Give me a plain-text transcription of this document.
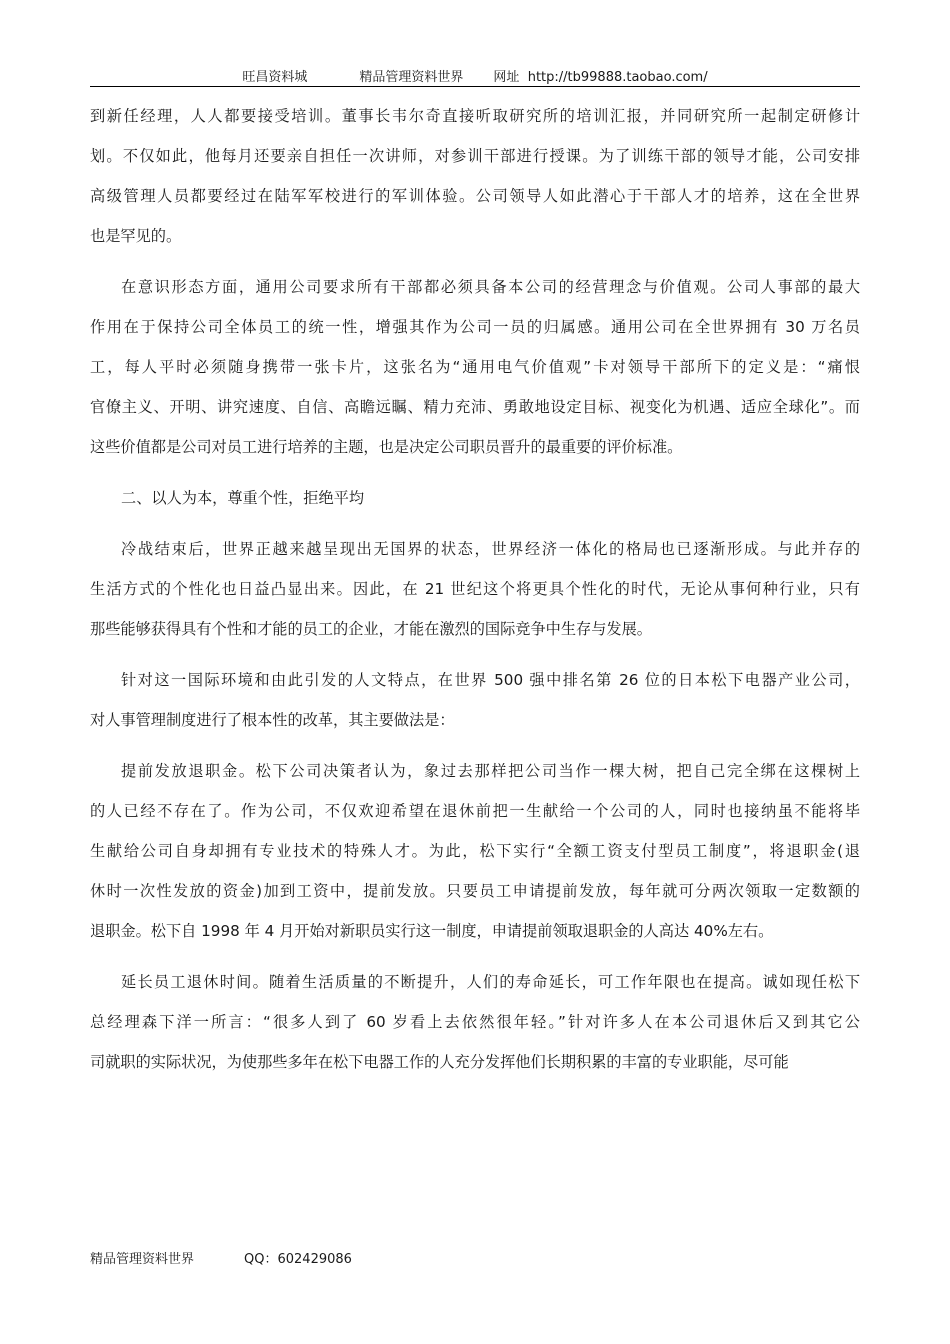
旺昌资料城	精品管理资料世界 网址 http://tb99888.taobao.com/
到新任经理，人人都要接受培训。董事长韦尔奇直接听取研究所的培训汇报，并同研究所一起制定研修计
划。不仅如此，他每月还要亲自担任一次讲师，对参训干部进行授课。为了训练干部的领导才能，公司安排
高级管理人员都要经过在陆军军校进行的军训体验。公司领导人如此潜心于干部人才的培养，这在全世界
也是罕见的。
在意识形态方面，通用公司要求所有干部都必须具备本公司的经营理念与价值观。公司人事部的最大
作用在于保持公司全体员工的统一性，增强其作为公司一员的归属感。通用公司在全世界拥有 30 万名员
工，每人平时必须随身携带一张卡片，这张名为“通用电气价值观”卡对领导干部所下的定义是：“痛恨
官僚主义、开明、讲究速度、自信、高瞻远瞩、精力充沛、勇敢地设定目标、视变化为机遇、适应全球化”。而
这些价值都是公司对员工进行培养的主题，也是决定公司职员晋升的最重要的评价标准。
二、以人为本，尊重个性，拒绝平均
冷战结束后，世界正越来越呈现出无国界的状态，世界经济一体化的格局也已逐渐形成。与此并存的
生活方式的个性化也日益凸显出来。因此，在 21 世纪这个将更具个性化的时代，无论从事何种行业，只有
那些能够获得具有个性和才能的员工的企业，才能在激烈的国际竞争中生存与发展。
针对这一国际环境和由此引发的人文特点，在世界 500 强中排名第 26 位的日本松下电器产业公司，
对人事管理制度进行了根本性的改革，其主要做法是：
提前发放退职金。松下公司决策者认为，象过去那样把公司当作一棵大树，把自己完全绑在这棵树上
的人已经不存在了。作为公司，不仅欢迎希望在退休前把一生献给一个公司的人，同时也接纳虽不能将毕
生献给公司自身却拥有专业技术的特殊人才。为此，松下实行“全额工资支付型员工制度”，将退职金(退
休时一次性发放的资金)加到工资中，提前发放。只要员工申请提前发放，每年就可分两次领取一定数额的
退职金。松下自 1998 年 4 月开始对新职员实行这一制度，申请提前领取退职金的人高达 40%左右。
延长员工退休时间。随着生活质量的不断提升，人们的寿命延长，可工作年限也在提高。诚如现任松下
总经理森下洋一所言：“很多人到了 60 岁看上去依然很年轻。”针对许多人在本公司退休后又到其它公
司就职的实际状况，为使那些多年在松下电器工作的人充分发挥他们长期积累的丰富的专业职能，尽可能
精品管理资料世界	QQ：602429086
